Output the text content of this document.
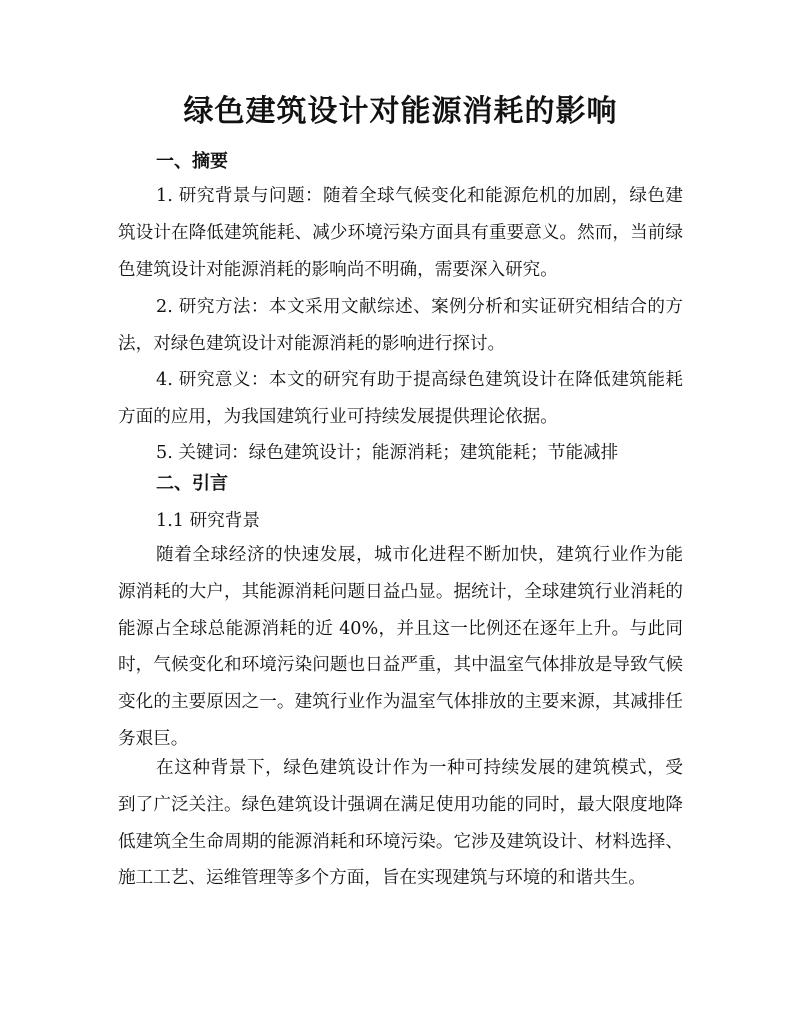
绿色建筑设计对能源消耗的影响
一、摘要

1. 研究背景与问题：随着全球气候变化和能源危机的加剧，绿色建筑设计在降低建筑能耗、减少环境污染方面具有重要意义。然而，当前绿色建筑设计对能源消耗的影响尚不明确，需要深入研究。

2. 研究方法：本文采用文献综述、案例分析和实证研究相结合的方法，对绿色建筑设计对能源消耗的影响进行探讨。

4. 研究意义：本文的研究有助于提高绿色建筑设计在降低建筑能耗方面的应用，为我国建筑行业可持续发展提供理论依据。

5. 关键词：绿色建筑设计；能源消耗；建筑能耗；节能减排

二、引言
1.1 研究背景

随着全球经济的快速发展，城市化进程不断加快，建筑行业作为能源消耗的大户，其能源消耗问题日益凸显。据统计，全球建筑行业消耗的能源占全球总能源消耗的近 40%，并且这一比例还在逐年上升。与此同时，气候变化和环境污染问题也日益严重，其中温室气体排放是导致气候变化的主要原因之一。建筑行业作为温室气体排放的主要来源，其减排任务艰巨。

在这种背景下，绿色建筑设计作为一种可持续发展的建筑模式，受到了广泛关注。绿色建筑设计强调在满足使用功能的同时，最大限度地降低建筑全生命周期的能源消耗和环境污染。它涉及建筑设计、材料选择、施工工艺、运维管理等多个方面，旨在实现建筑与环境的和谐共生。
